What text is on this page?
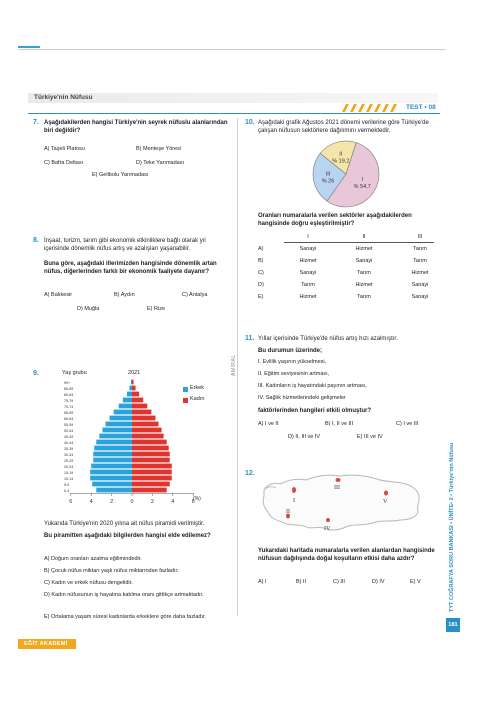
Türkiye'nin Nüfusu
TEST • 08
AMİRAL
7. Aşağıdakilerden hangisi Türkiye'nin seyrek nüfuslu alanlarından biri değildir?
A) Taşeli Platosu	B) Menteşe Yöresi
C) Bafra Deltası	D) Teke Yarımadası
E) Gelibolu Yarımadası
8. İnşaat, turizm, tarım gibi ekonomik etkinliklere bağlı olarak yıl içerisinde dönemlik nüfus artış ve azalışları yaşanabilir.
Buna göre, aşağıdaki illerimizden hangisinde dönemlik artan nüfus, diğerlerinden farklı bir ekonomik faaliyete dayanır?
A) Balıkesir	B) Aydın	C) Antalya
D) Muğla	E) Rize
9.	Yaş grubu	2021
0-4
5-9
10-14
15-19
20-24
25-29
30-34
35-39
40-44
45-49
50-54
55-59
60-64
65-69
70-74
75-79
80-84
85-89
90+
6	4	2	0	2	4	6
Erkek
Kadın
(%)
Yukarıda Türkiye'nin 2020 yılına ait nüfus piramidi verilmiştir.
Bu piramitten aşağıdaki bilgilerden hangisi elde edilemez?
A) Doğum oranları azalma eğilimindedir.
B) Çocuk nüfus miktarı yaşlı nüfus miktarından fazladır.
C) Kadın ve erkek nüfusu dengelidir.
D) Kadın nüfusunun iş hayatına katılma oranı gittikçe artmaktadır.
E) Ortalama yaşam süresi kadınlarda erkeklere göre daha fazladır.
10. Aşağıdaki grafik Ağustos 2021 dönemi verilerine göre Türkiye'de çalışan nüfusun sektörlere dağılımını vermektedir.
I
% 54,7
III
% 26
II
% 19,2
Oranları numaralarla verilen sektörler aşağıdakilerden hangisinde doğru eşleştirilmiştir?
	I	II	III
A)	Sanayi	Hizmet	Tarım
B)	Hizmet	Sanayi	Tarım
C)	Sanayi	Tarım	Hizmet
D)	Tarım	Hizmet	Sanayi
E)	Hizmet	Tarım	Sanayi
11. Yıllar içerisinde Türkiye'de nüfus artış hızı azalmıştır.
Bu durumun üzerinde;
I. Evlilik yaşının yükselmesi,
II. Eğitim seviyesinin artması,
III. Kadınların iş hayatındaki payının artması,
IV. Sağlık hizmetlerindeki gelişmeler
faktörlerinden hangileri etkili olmuştur?
A) I ve II	B) I, II ve III	C) I ve III
D) II, III ve IV	E) III ve IV
12.
I
II
III
IV
V
Yukarıdaki haritada numaralarla verilen alanlardan hangisinde nüfusun dağılışında doğal koşulların etkisi daha azdır?
A) I	B) II	C) III	D) IV	E) V	TYT COĞRAFYA SORU BANKASI • ÜNİTE• 2 • Türkiye'nin Nüfusu
181
EĞİT AKADEMİ
